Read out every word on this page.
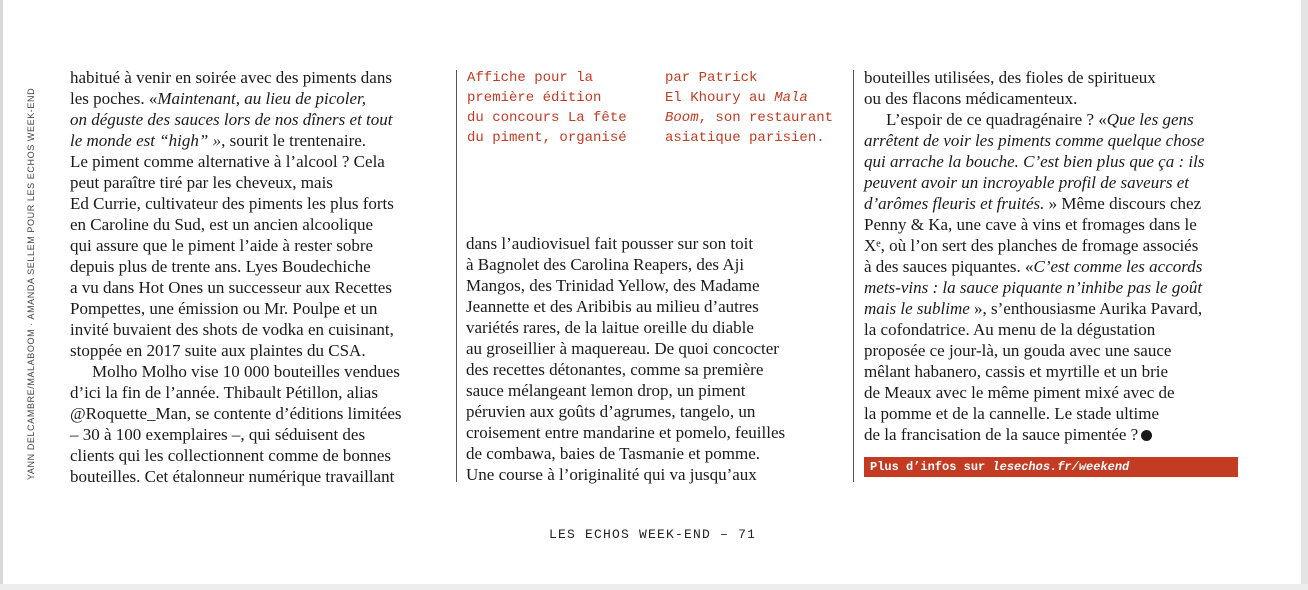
YANN DELCAMBRE/MALABOOM · AMANDA SELLEM POUR LES ECHOS WEEK-END
habitué à venir en soirée avec des piments dans
les poches. «Maintenant, au lieu de picoler,
on déguste des sauces lors de nos dîners et tout
le monde est “high” », sourit le trentenaire.
Le piment comme alternative à l’alcool ? Cela
peut paraître tiré par les cheveux, mais
Ed Currie, cultivateur des piments les plus forts
en Caroline du Sud, est un ancien alcoolique
qui assure que le piment l’aide à rester sobre
depuis plus de trente ans. Lyes Boudechiche
a vu dans Hot Ones un successeur aux Recettes
Pompettes, une émission ou Mr. Poulpe et un
invité buvaient des shots de vodka en cuisinant,
stoppée en 2017 suite aux plaintes du CSA.
Molho Molho vise 10 000 bouteilles vendues
d’ici la fin de l’année. Thibault Pétillon, alias
@Roquette_Man, se contente d’éditions limitées
– 30 à 100 exemplaires –, qui séduisent des
clients qui les collectionnent comme de bonnes
bouteilles. Cet étalonneur numérique travaillant
Affiche pour la
première édition
du concours La fête
du piment, organisé
par Patrick
El Khoury au Mala
Boom, son restaurant
asiatique parisien.
dans l’audiovisuel fait pousser sur son toit
à Bagnolet des Carolina Reapers, des Aji
Mangos, des Trinidad Yellow, des Madame
Jeannette et des Aribibis au milieu d’autres
variétés rares, de la laitue oreille du diable
au groseillier à maquereau. De quoi concocter
des recettes détonantes, comme sa première
sauce mélangeant lemon drop, un piment
péruvien aux goûts d’agrumes, tangelo, un
croisement entre mandarine et pomelo, feuilles
de combawa, baies de Tasmanie et pomme.
Une course à l’originalité qui va jusqu’aux
bouteilles utilisées, des fioles de spiritueux
ou des flacons médicamenteux.
L’espoir de ce quadragénaire ? «Que les gens
arrêtent de voir les piments comme quelque chose
qui arrache la bouche. C’est bien plus que ça : ils
peuvent avoir un incroyable profil de saveurs et
d’arômes fleuris et fruités. » Même discours chez
Penny & Ka, une cave à vins et fromages dans le
Xᵉ, où l’on sert des planches de fromage associés
à des sauces piquantes. «C’est comme les accords
mets-vins : la sauce piquante n’inhibe pas le goût
mais le sublime », s’enthousiasme Aurika Pavard,
la cofondatrice. Au menu de la dégustation
proposée ce jour-là, un gouda avec une sauce
mêlant habanero, cassis et myrtille et un brie
de Meaux avec le même piment mixé avec de
la pomme et de la cannelle. Le stade ultime
de la francisation de la sauce pimentée ?
Plus d’infos sur lesechos.fr/weekend
LES ECHOS WEEK-END – 71
